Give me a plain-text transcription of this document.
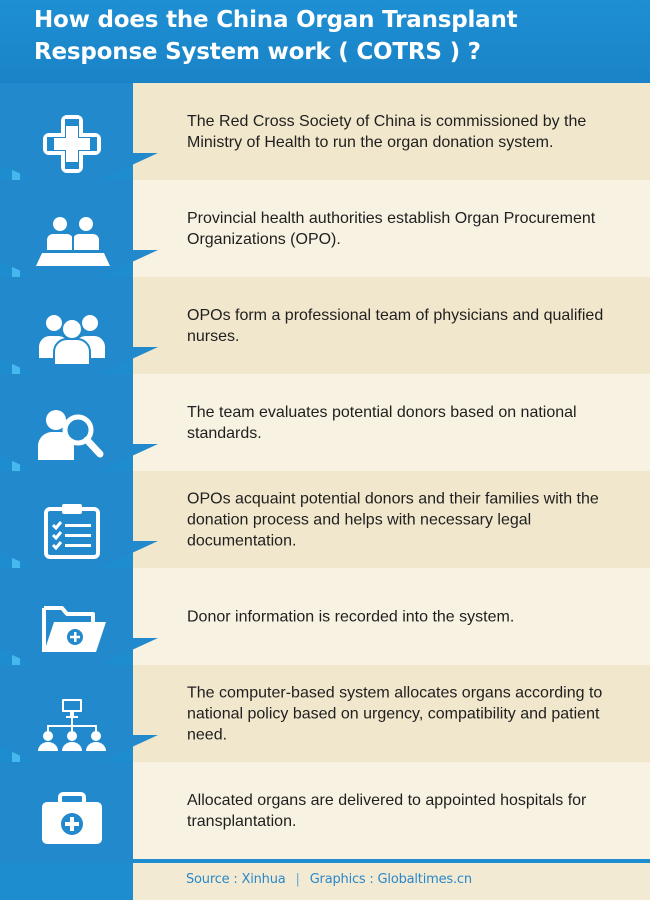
How does the China Organ Transplant Response System work ( COTRS ) ?

The Red Cross Society of China is commissioned by the Ministry of Health to run the organ donation system.

Provincial health authorities establish Organ Procurement Organizations (OPO).

OPOs form a professional team of physicians and qualified nurses.

The team evaluates potential donors based on national standards.

OPOs acquaint potential donors and their families with the donation process and helps with necessary legal documentation.

Donor information is recorded into the system.

The computer-based system allocates organs according to national policy based on urgency, compatibility and patient need.

Allocated organs are delivered to appointed hospitals for transplantation.

Source : Xinhua | Graphics : Globaltimes.cn
